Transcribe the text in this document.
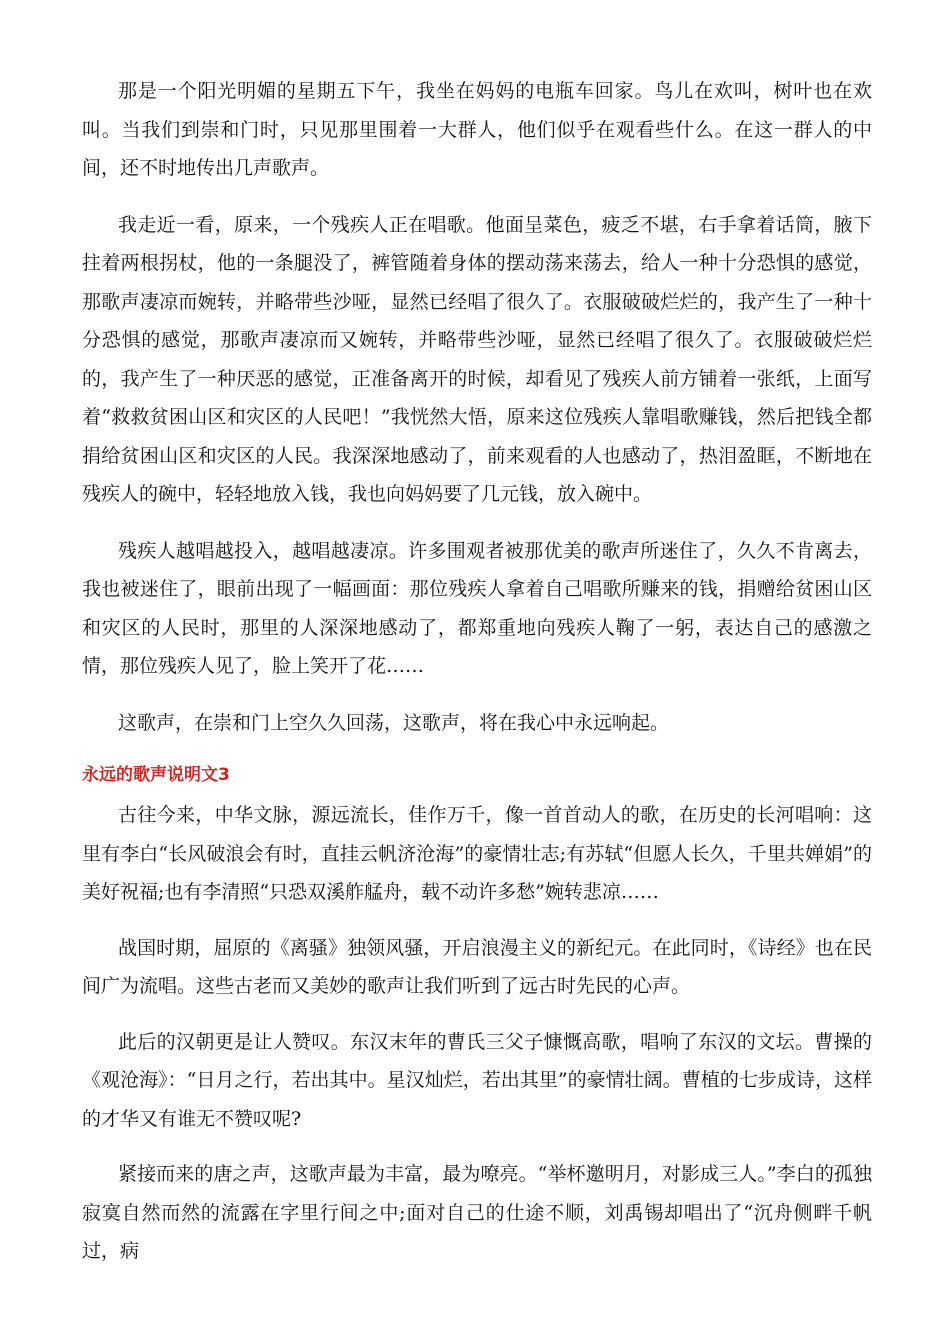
那是一个阳光明媚的星期五下午，我坐在妈妈的电瓶车回家。鸟儿在欢叫，树叶也在欢叫。当我们到崇和门时，只见那里围着一大群人，他们似乎在观看些什么。在这一群人的中间，还不时地传出几声歌声。

我走近一看，原来，一个残疾人正在唱歌。他面呈菜色，疲乏不堪，右手拿着话筒，腋下拄着两根拐杖，他的一条腿没了，裤管随着身体的摆动荡来荡去，给人一种十分恐惧的感觉，那歌声凄凉而婉转，并略带些沙哑，显然已经唱了很久了。衣服破破烂烂的，我产生了一种十分恐惧的感觉，那歌声凄凉而又婉转，并略带些沙哑，显然已经唱了很久了。衣服破破烂烂的，我产生了一种厌恶的感觉，正准备离开的时候，却看见了残疾人前方铺着一张纸，上面写着“救救贫困山区和灾区的人民吧！”我恍然大悟，原来这位残疾人靠唱歌赚钱，然后把钱全都捐给贫困山区和灾区的人民。我深深地感动了，前来观看的人也感动了，热泪盈眶，不断地在残疾人的碗中，轻轻地放入钱，我也向妈妈要了几元钱，放入碗中。

残疾人越唱越投入，越唱越凄凉。许多围观者被那优美的歌声所迷住了，久久不肯离去，我也被迷住了，眼前出现了一幅画面：那位残疾人拿着自己唱歌所赚来的钱，捐赠给贫困山区和灾区的人民时，那里的人深深地感动了，都郑重地向残疾人鞠了一躬，表达自己的感激之情，那位残疾人见了，脸上笑开了花……

这歌声，在崇和门上空久久回荡，这歌声，将在我心中永远响起。

永远的歌声说明文3

古往今来，中华文脉，源远流长，佳作万千，像一首首动人的歌，在历史的长河唱响：这里有李白“长风破浪会有时，直挂云帆济沧海”的豪情壮志;有苏轼“但愿人长久，千里共婵娟”的美好祝福;也有李清照“只恐双溪舴艋舟，载不动许多愁”婉转悲凉……

战国时期，屈原的《离骚》独领风骚，开启浪漫主义的新纪元。在此同时，《诗经》也在民间广为流唱。这些古老而又美妙的歌声让我们听到了远古时先民的心声。

此后的汉朝更是让人赞叹。东汉末年的曹氏三父子慷慨高歌，唱响了东汉的文坛。曹操的《观沧海》：“日月之行，若出其中。星汉灿烂，若出其里”的豪情壮阔。曹植的七步成诗，这样的才华又有谁无不赞叹呢?

紧接而来的唐之声，这歌声最为丰富，最为嘹亮。“举杯邀明月，对影成三人。”李白的孤独寂寞自然而然的流露在字里行间之中;面对自己的仕途不顺，刘禹锡却唱出了“沉舟侧畔千帆过，病
